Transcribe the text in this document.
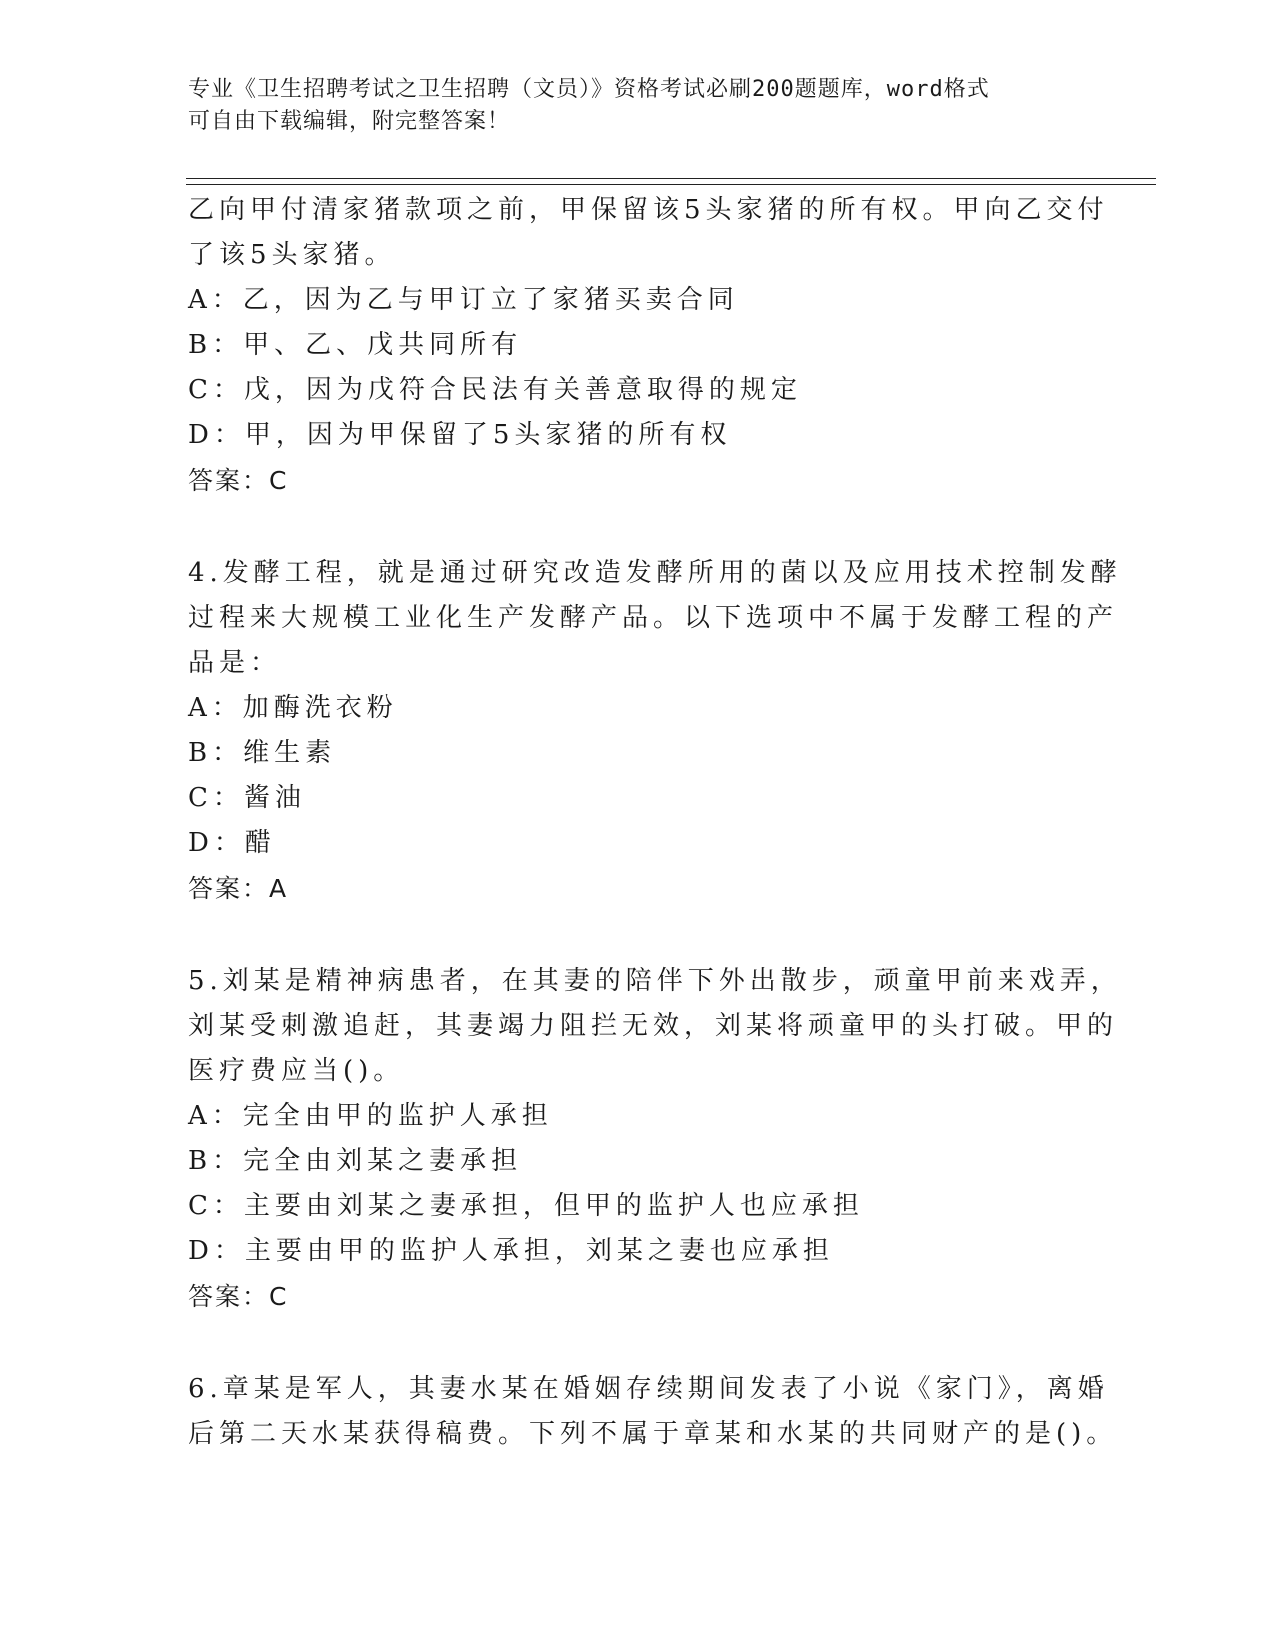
专业《卫生招聘考试之卫生招聘（文员）》资格考试必刷200题题库，word格式
可自由下载编辑，附完整答案！
乙向甲付清家猪款项之前，甲保留该5头家猪的所有权。甲向乙交付
了该5头家猪。
A：乙，因为乙与甲订立了家猪买卖合同
B：甲、乙、戊共同所有
C：戊，因为戊符合民法有关善意取得的规定
D：甲，因为甲保留了5头家猪的所有权
答案：C
4.发酵工程，就是通过研究改造发酵所用的菌以及应用技术控制发酵
过程来大规模工业化生产发酵产品。以下选项中不属于发酵工程的产
品是：
A：加酶洗衣粉
B：维生素
C：酱油
D：醋
答案：A
5.刘某是精神病患者，在其妻的陪伴下外出散步，顽童甲前来戏弄，
刘某受刺激追赶，其妻竭力阻拦无效，刘某将顽童甲的头打破。甲的
医疗费应当()。
A：完全由甲的监护人承担
B：完全由刘某之妻承担
C：主要由刘某之妻承担，但甲的监护人也应承担
D：主要由甲的监护人承担，刘某之妻也应承担
答案：C
6.章某是军人，其妻水某在婚姻存续期间发表了小说《家门》，离婚
后第二天水某获得稿费。下列不属于章某和水某的共同财产的是()。
